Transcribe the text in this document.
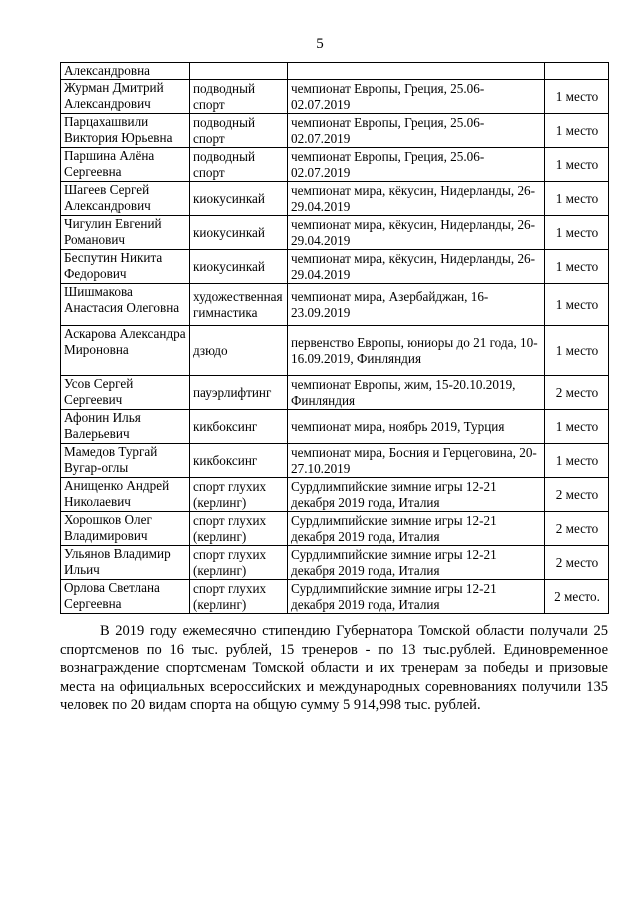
5
Александровна			
Журман Дмитрий Александрович	подводный спорт	чемпионат Европы, Греция, 25.06-02.07.2019	1 место
Парцахашвили Виктория Юрьевна	подводный спорт	чемпионат Европы, Греция, 25.06-02.07.2019	1 место
Паршина Алёна Сергеевна	подводный спорт	чемпионат Европы, Греция, 25.06-02.07.2019	1 место
Шагеев Сергей Александрович	киокусинкай	чемпионат мира, кёкусин, Нидерланды, 26-29.04.2019	1 место
Чигулин Евгений Романович	киокусинкай	чемпионат мира, кёкусин, Нидерланды, 26-29.04.2019	1 место
Беспутин Никита Федорович	киокусинкай	чемпионат мира, кёкусин, Нидерланды, 26-29.04.2019	1 место
Шишмакова Анастасия Олеговна	художественная гимнастика	чемпионат мира, Азербайджан, 16-23.09.2019	1 место
Аскарова Александра Мироновна	дзюдо	первенство Европы, юниоры до 21 года, 10-16.09.2019, Финляндия	1 место
Усов Сергей Сергеевич	пауэрлифтинг	чемпионат Европы, жим, 15-20.10.2019, Финляндия	2 место
Афонин Илья Валерьевич	кикбоксинг	чемпионат мира, ноябрь 2019, Турция	1 место
Мамедов Тургай Вугар-оглы	кикбоксинг	чемпионат мира, Босния и Герцеговина, 20-27.10.2019	1 место
Анищенко Андрей Николаевич	спорт глухих (керлинг)	Сурдлимпийские зимние игры 12-21 декабря 2019 года, Италия	2 место
Хорошков Олег Владимирович	спорт глухих (керлинг)	Сурдлимпийские зимние игры 12-21 декабря 2019 года, Италия	2 место
Ульянов Владимир Ильич	спорт глухих (керлинг)	Сурдлимпийские зимние игры 12-21 декабря 2019 года, Италия	2 место
Орлова Светлана Сергеевна	спорт глухих (керлинг)	Сурдлимпийские зимние игры 12-21 декабря 2019 года, Италия	2 место.

В 2019 году ежемесячно стипендию Губернатора Томской области получали 25 спортсменов по 16 тыс. рублей, 15 тренеров - по 13 тыс.рублей. Единовременное вознаграждение спортсменам Томской области и их тренерам за победы и призовые места на официальных всероссийских и международных соревнованиях получили 135 человек по 20 видам спорта на общую сумму 5 914,998 тыс. рублей.
